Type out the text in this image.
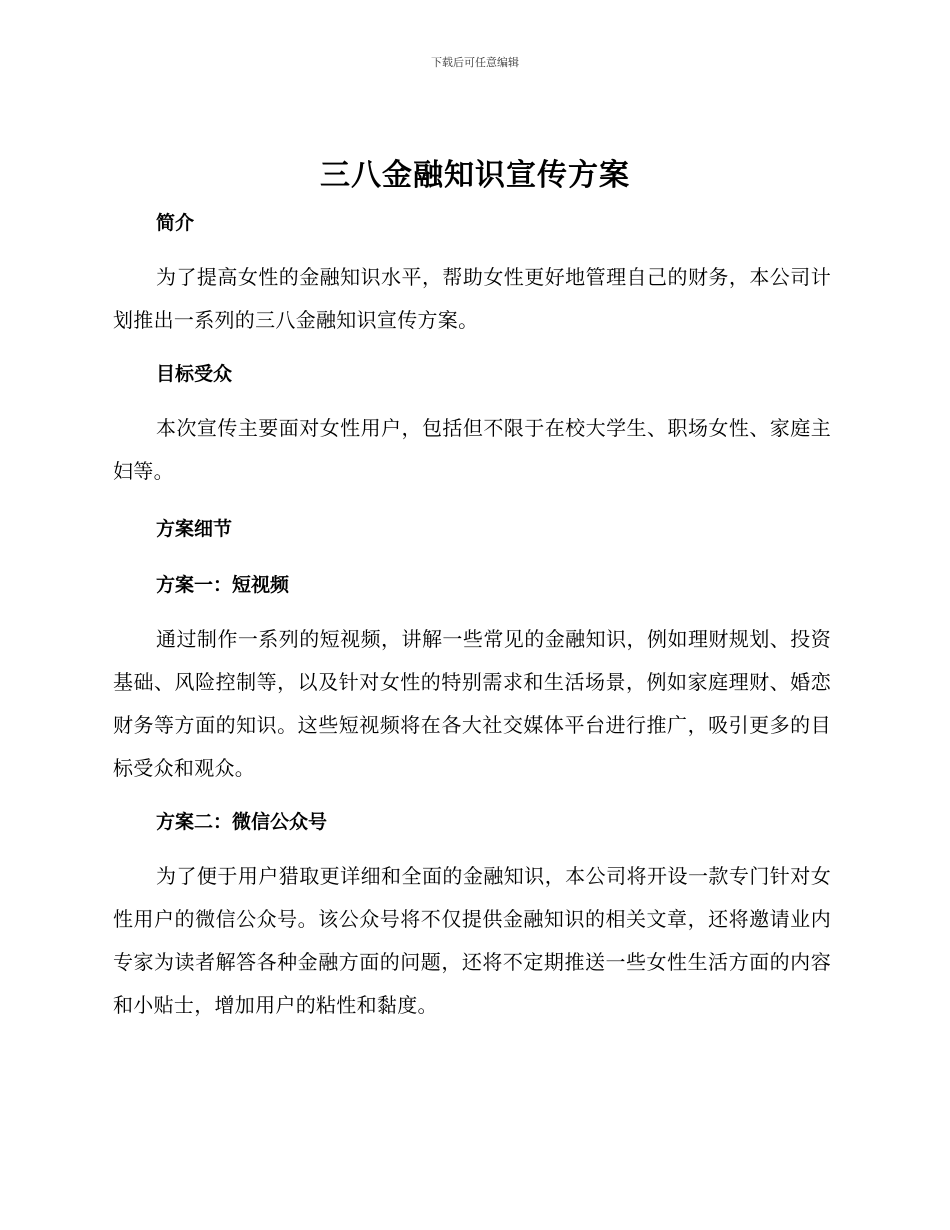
下载后可任意编辑
三八金融知识宣传方案
简介

为了提高女性的金融知识水平，帮助女性更好地管理自己的财务，本公司计划推出一系列的三八金融知识宣传方案。

目标受众

本次宣传主要面对女性用户，包括但不限于在校大学生、职场女性、家庭主妇等。

方案细节
方案一：短视频

通过制作一系列的短视频，讲解一些常见的金融知识，例如理财规划、投资基础、风险控制等，以及针对女性的特别需求和生活场景，例如家庭理财、婚恋财务等方面的知识。这些短视频将在各大社交媒体平台进行推广，吸引更多的目标受众和观众。

方案二：微信公众号

为了便于用户猎取更详细和全面的金融知识，本公司将开设一款专门针对女性用户的微信公众号。该公众号将不仅提供金融知识的相关文章，还将邀请业内专家为读者解答各种金融方面的问题，还将不定期推送一些女性生活方面的内容和小贴士，增加用户的粘性和黏度。
